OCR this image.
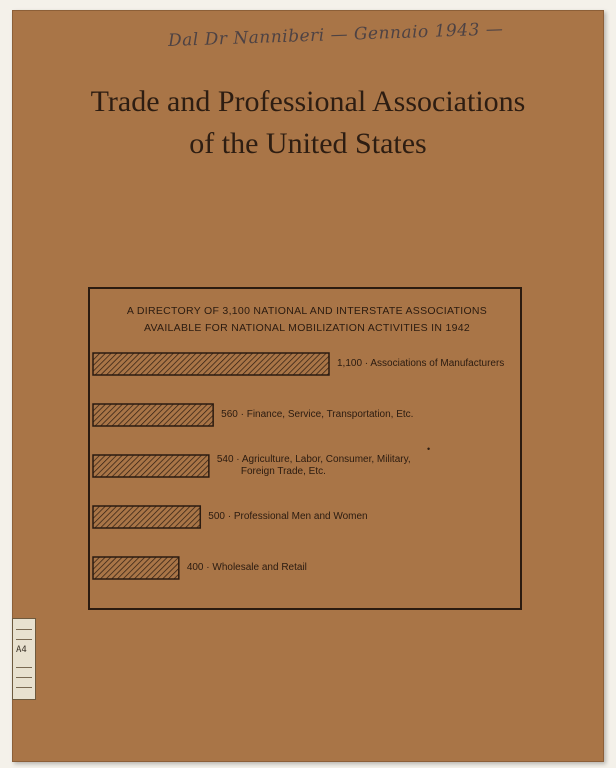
Dal Dr Nanniberi — Gennaio 1943 —
Trade and Professional Associations
of the United States
A DIRECTORY OF 3,100 NATIONAL AND INTERSTATE ASSOCIATIONS
AVAILABLE FOR NATIONAL MOBILIZATION ACTIVITIES IN 1942
1,100 · Associations of Manufacturers
560 · Finance, Service, Transportation, Etc.
540 · Agriculture, Labor, Consumer, Military,
Foreign Trade, Etc.
500 · Professional Men and Women
400 · Wholesale and Retail
•
A4
